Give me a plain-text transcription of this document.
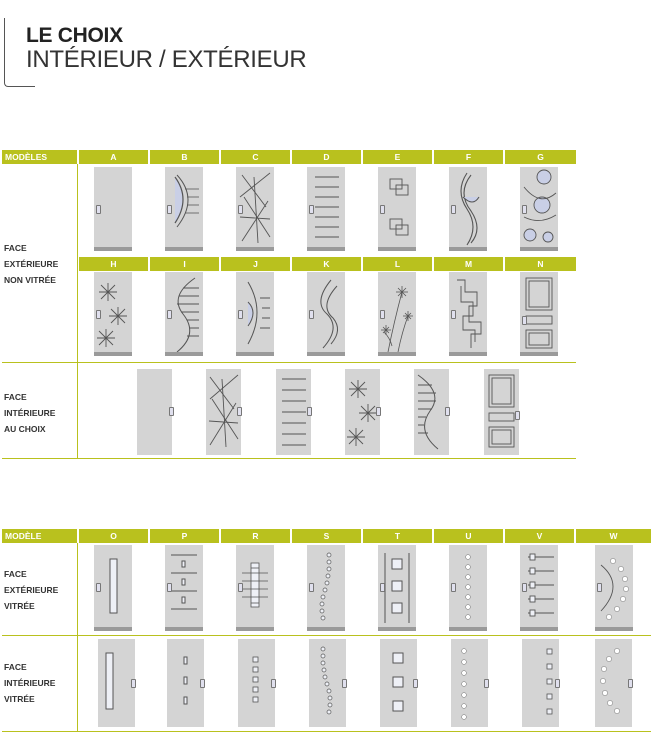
LE CHOIX
INTÉRIEUR / EXTÉRIEUR
MODÈLES	A	B	C	D	E	F	G
H	I	J	K	L	M	N
FACE
EXTÉRIEURE
NON VITRÉE
FACE
INTÉRIEURE
AU CHOIX
MODÈLE	O	P	R	S	T	U	V	W
FACE
EXTÉRIEURE
VITRÉE
FACE
INTÉRIEURE
VITRÉE
